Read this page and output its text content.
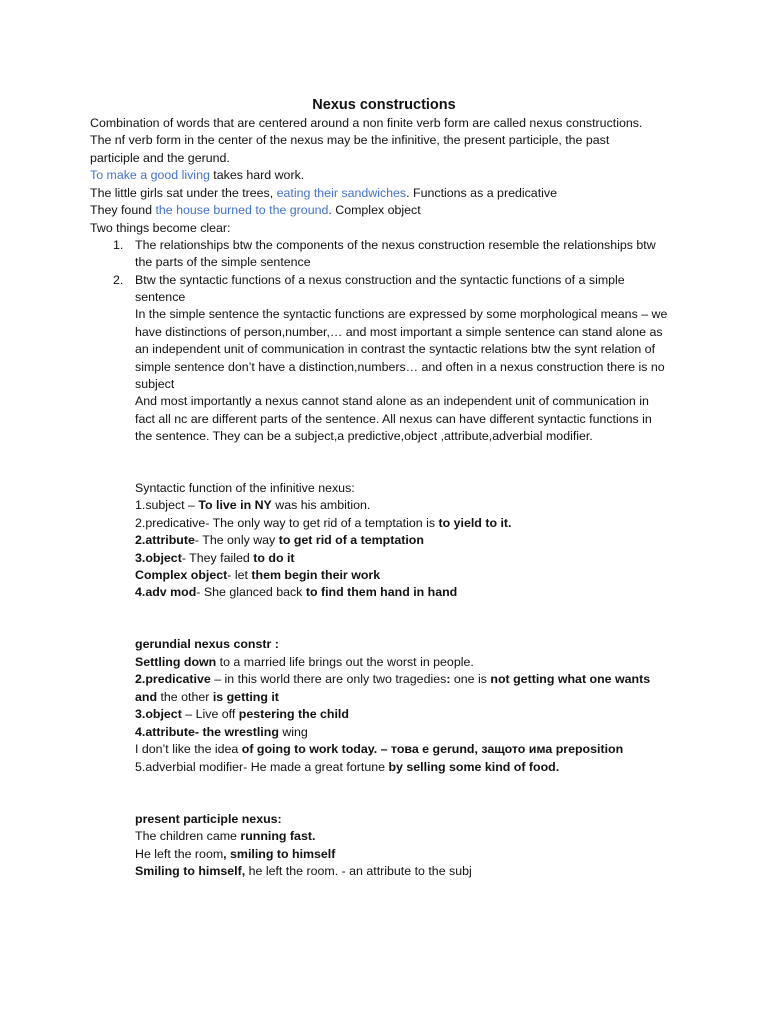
Nexus constructions
Combination of words that are centered around a non finite verb form are called nexus constructions.
The nf verb form in the center of the nexus may be the infinitive, the present participle, the past
participle and the gerund.
To make a good living takes hard work.
The little girls sat under the trees, eating their sandwiches. Functions as a predicative
They found the house burned to the ground. Complex object
Two things become clear:
1. The relationships btw the components of the nexus construction resemble the relationships btw
the parts of the simple sentence
2. Btw the syntactic functions of a nexus construction and the syntactic functions of a simple
sentence
In the simple sentence the syntactic functions are expressed by some morphological means – we
have distinctions of person,number,… and most important a simple sentence can stand alone as
an independent unit of communication in contrast the syntactic relations btw the synt relation of
simple sentence don’t have a distinction,numbers… and often in a nexus construction there is no
subject
And most importantly a nexus cannot stand alone as an independent unit of communication in
fact all nc are different parts of the sentence. All nexus can have different syntactic functions in
the sentence. They can be a subject,a predictive,object ,attribute,adverbial modifier.
Syntactic function of the infinitive nexus:
1.subject – To live in NY was his ambition.
2.predicative- The only way to get rid of a temptation is to yield to it.
2.attribute- The only way to get rid of a temptation
3.object- They failed to do it
Complex object- let them begin their work
4.adv mod- She glanced back to find them hand in hand
gerundial nexus constr :
Settling down to a married life brings out the worst in people.
2.predicative – in this world there are only two tragedies: one is not getting what one wants
and the other is getting it
3.object – Live off pestering the child
4.attribute- the wrestling wing
I don’t like the idea of going to work today. – това е gerund, защото има preposition
5.adverbial modifier- He made a great fortune by selling some kind of food.
present participle nexus:
The children came running fast.
He left the room, smiling to himself
Smiling to himself, he left the room. - an attribute to the subj
